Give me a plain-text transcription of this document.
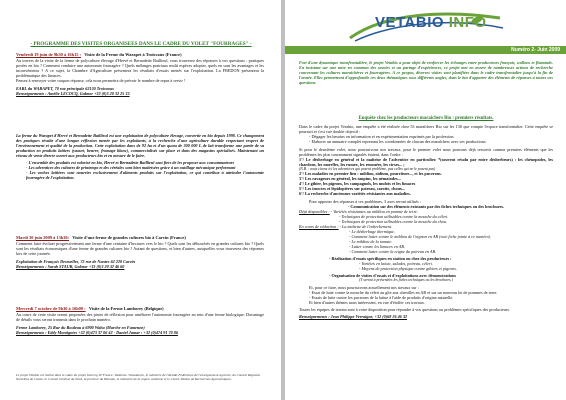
- PROGRAMME DES VISITES ORGANISEES DANS LE CADRE DU VOLET "FOURRAGES" -

Vendredi 19 juin de 9h30 à 16h15 : Visite de la Ferme du Warapet à Troisvaux (France)

Au travers de la visite de la ferme de polyculture élevage d'Hervé et Bernadette Baillieul, vous trouverez des réponses à vos questions : pratiques posées en bio ? Comment conduire une autonomie fourragère ? Quels mélanges prairiaux multi espèces adopter, quels en sont les avantages et les inconvénients ? A ce sujet, la Chambre d'Agriculture présentera les résultats d'essais menés sur l'exploitation. La FREDON présentera la problématique des limaces.

Pensez à renvoyer votre coupon réponse, cela nous permettra de prévoir le nombre de repas à servir !

EARL du WARAPET, 70 rue principale 62130 Troisvaux

Renseignements : Amélie LECOCQ, Gabnor +33 (0)3 20 32 25 33

La ferme du Warapet d'Hervé et Bernadette Baillieul est une exploitation de polyculture élevage, convertie en bio depuis 1998. Ce changement des pratiques résulte d'une longue réflexion menée par les exploitants, à la recherche d'une agriculture durable respectant respect de l'environnement et qualité de la production. Cette exploitation dans de 92 ha et d'un quota de 300 000 L de lait transforme une partie de sa production en produits laitiers (yaourt, beurre, fromage blanc), commercialisés sur place et dans des magasins spécialisés. Maintenant un réseau de vente directe ouvert aux producteurs bio et en mesure de le faire.

- L'ensemble des produits est valorisé en bio, Hervé et Bernadette Baillieul sont fiers de les proposer aux consommateurs

- Les adventices des cultures de printemps et des céréales sont bien maîtrisées grâce à un outillage mécanique performant

- Les vaches laitières sont nourries exclusivement d'aliments produits sur l'exploitation, ce qui contribue à atteindre l'autonomie fourragère de l'exploitation.

Mardi 30 juin 2009 à 13h30: Visite d'une ferme de grandes cultures bio à Carvin (France)

Comment faire évoluer progressivement une ferme d'une centaine d'hectares vers le bio ? Quels sont les débouchés en grandes cultures bio ? Quels sont les résultats économiques d'une ferme de grandes cultures bio ? Autant de questions, et bien d'autres, auxquelles vous trouverez des réponses lors de cette journée.

Exploitation de François Desruelles, 72 rue de Nantes 62 220 Carvin

Renseignements : Sarah STAUB, Gabnor +33 (0)3 20 32 46 60

Mercredi 7 octobre de 9h30 à 16h00 : Visite de la Ferme Lamborey (Belgique)

Au cours de cette visite seront proposées des pistes de réflexion pour améliorer l'autonomie fourragère au sein d'une ferme biologique. Davantage de détails vous seront transmis dans le prochain numéro.

Ferme Lamborey, 25 Rue du Bouleau à 6900 Waha (Marche en Famenne)

Renseignements : Eddy Montignies +32 (0)473 37 06 42 - Daniel Jamar : +32 (0)474 91 70 86

Le projet Vetabio est réalisé dans le cadre du projet Interreg IV France- Wallonie- Vlaanderen, le ministère de l'ADAR, Fédération de l'enseignement agricole, du Conseil Régional Nord-Pas de Calais, le Conseil Général du Nord, la province du Hainaut, le ministère de la région wallonne et le Centre Wallon de Recherches Agronomiques.
VETABIO INFO
Numéro 2- Juin 2009

Fort d'une dynamique transfrontalière, le projet Vetabio a pour objet de renforcer les échanges entre producteurs français, wallons et flamands. En insistant sur une mise en commun des savoirs et un partage d'expériences, ce projet met en œuvre de nombreuses actions de recherche concernant les cultures maraîchères et fourragères. A ce propos, diverses visites sont planifiées dans le cadre transfrontalier jusqu'à la fin de l'année. Elles permettront d'approfondir ces deux thématiques sous différents angles, dans le but d'apporter des éléments de réponses à toutes vos questions.

Enquête chez les producteurs maraîchers Bio : premiers résultats.

Dans le cadre du projet Vetabio, une enquête a été réalisée chez 53 maraîchers Bio sur les 130 que compte l'espace transfrontalier. Cette enquête se poursuit et s'est vue double objectif :

- Dégager les besoins en information et en expérimentation exprimés par la profession.

- Elaborer un annuaire complet reprenant les coordonnées de chacun des maraîchers avec ses productions.

Si pour le deuxième volet, nous poursuivons nos travaux, pour le premier volet nous pouvons déjà ressortir comme premiers éléments que les problèmes les plus couramment signalés étaient, dans l'ordre :

1°/ Le désherbage en général et la maîtrise de l'adventice en particulier. *(souvent résolu par entre désherbeurs) : les chénopodes, les chardons, les morelles, les rumex, les renouées, les cirses... ;

(N.B. : nous citons ici les adventices qui posent problème, pas celles qui ne le posent pas)

2°/ Les maladies en premier lieu : mildiou, oïdium, pourriture..., et les pucerons.

3°/ Les ravageurs en général, les taupins, les nématodes...

4°/ Le gibier, les pigeons, les campagnols, les mulots et les limaces

5°/ Les insectes et lépidoptères sur poireau, carotte, choux...

6°/ La recherche d'anciennes variétés résistantes aux maladies.

Pour apporter des réponses à ces problèmes, 3 axes seront utilisés :

- Communication sur des éléments existants par des fiches techniques ou des brochures.

Déjà disponibles : - Variétés résistantes au mildiou en pomme de terre.

- Techniques de protection utilisables contre la mouche du céleri.

- Techniques de protection utilisables contre la mouche du chou.

En cours de rédaction : - La maîtrise de l'enherbement.

- Le désherbage thermique.

- Comment lutter contre le mildiou de l'oignon en AB (voie fiche jointe à ce numéro).

- Le mildiou de la tomate.

- Lutter contre les limaces en AB.

- Comment lutter contre la teigne du poireau en AB.

- Réalisation d'essais spécifiques en station ou chez des producteurs :

- Variétés en laitue, salades, poireau, céleri.

- Moyens de protection physique contre gibiers et pigeons.

- Organisation de visites d'essais et d'exploitations avec démonstrations

(Y seront à présentées les fiches techniques ou les brochures.)

Et, pour ce faire, nous poursuivons actuellement nos travaux sur :

- Essai de lutte contre la mouche du céleri au gîte aux chenilles en AB et sur un nouveau lot de pommes de terre.

- Essais de lutte contre les pucerons de la laitue à l'aide de produits d'origine naturelle.

Et bien d'autres thèmes nous intéressent, en vue d'étoffer ces travaux.

Toutes les équipes de terrain sont à votre disposition pour répondre à vos questions ou problèmes spécifiques des producteurs.

Renseignements : Jean Philippe Verraigne, +32 (0)68 26 46 32
